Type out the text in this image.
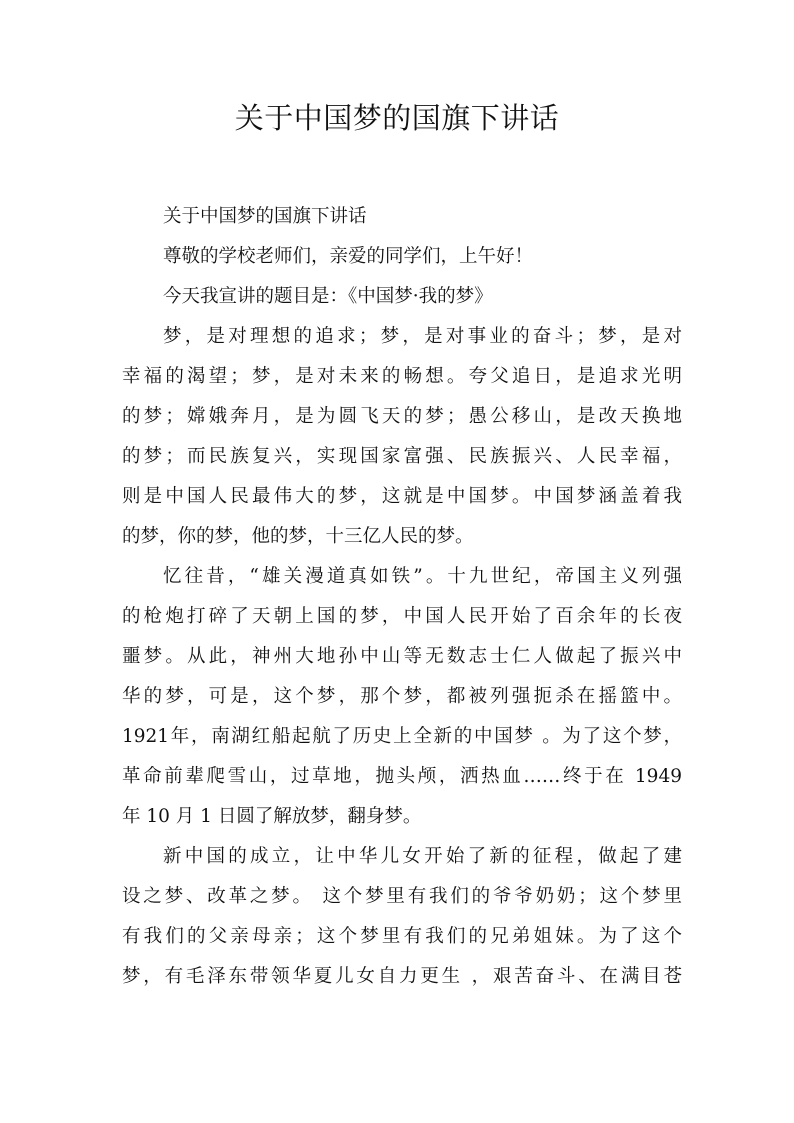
关于中国梦的国旗下讲话
关于中国梦的国旗下讲话
尊敬的学校老师们，亲爱的同学们，上午好！
今天我宣讲的题目是：《中国梦·我的梦》
梦，是对理想的追求；梦，是对事业的奋斗；梦，是对
幸福的渴望；梦，是对未来的畅想。夸父追日，是追求光明
的梦；嫦娥奔月，是为圆飞天的梦；愚公移山，是改天换地
的梦；而民族复兴，实现国家富强、民族振兴、人民幸福，
则是中国人民最伟大的梦，这就是中国梦。中国梦涵盖着我
的梦，你的梦，他的梦，十三亿人民的梦。
忆往昔，“雄关漫道真如铁”。十九世纪，帝国主义列强
的枪炮打碎了天朝上国的梦，中国人民开始了百余年的长夜
噩梦。从此，神州大地孙中山等无数志士仁人做起了振兴中
华的梦，可是，这个梦，那个梦，都被列强扼杀在摇篮中。
1921年，南湖红船起航了历史上全新的中国梦 。为了这个梦，
革命前辈爬雪山，过草地，抛头颅，洒热血……终于在 1949
年 10 月 1 日圆了解放梦，翻身梦。
新中国的成立，让中华儿女开始了新的征程，做起了建
设之梦、改革之梦。 这个梦里有我们的爷爷奶奶；这个梦里
有我们的父亲母亲；这个梦里有我们的兄弟姐妹。为了这个
梦，有毛泽东带领华夏儿女自力更生 ，艰苦奋斗、在满目苍
